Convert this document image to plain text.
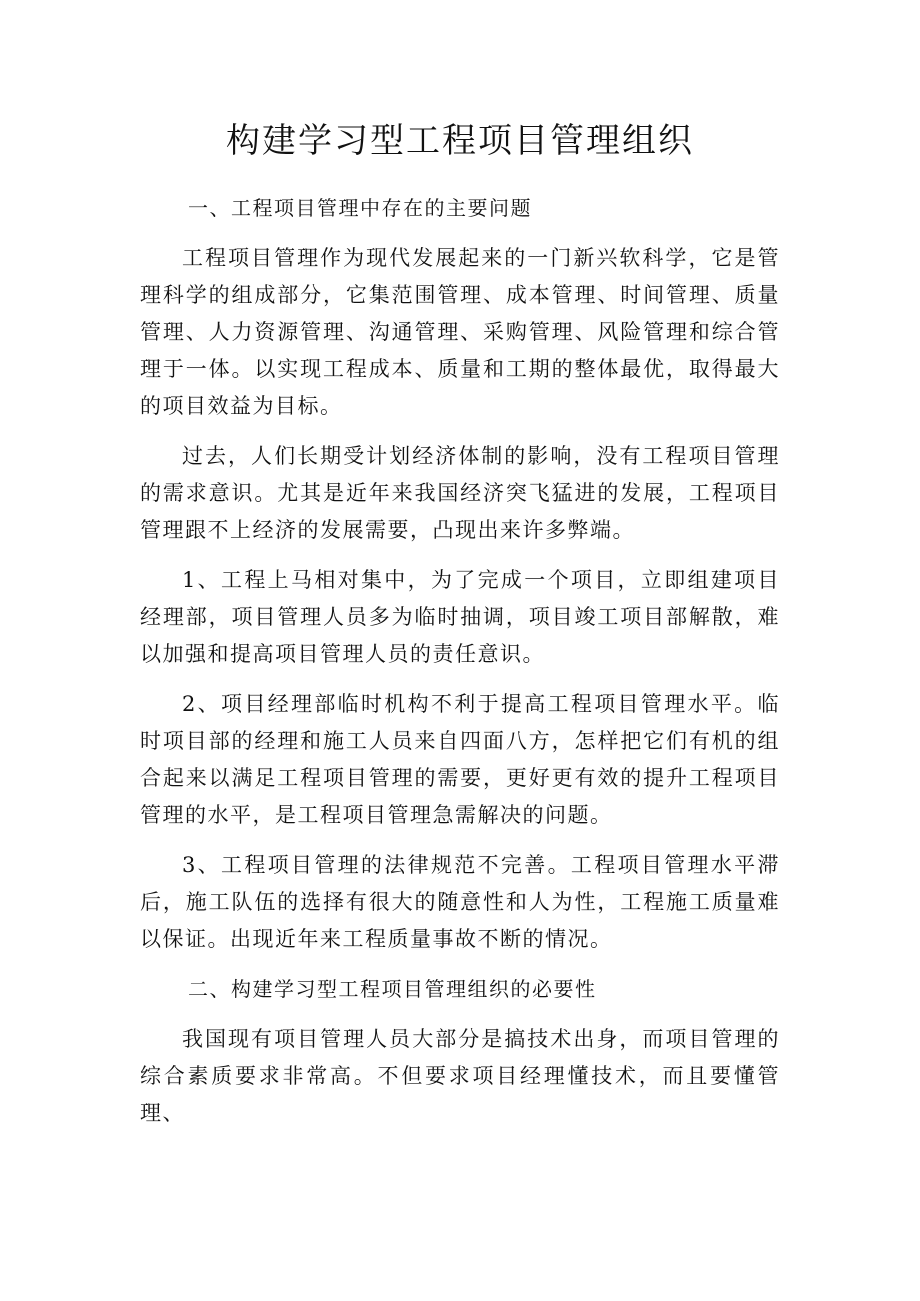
构建学习型工程项目管理组织

一、工程项目管理中存在的主要问题

工程项目管理作为现代发展起来的一门新兴软科学，它是管理科学的组成部分，它集范围管理、成本管理、时间管理、质量管理、人力资源管理、沟通管理、采购管理、风险管理和综合管理于一体。以实现工程成本、质量和工期的整体最优，取得最大的项目效益为目标。

过去，人们长期受计划经济体制的影响，没有工程项目管理的需求意识。尤其是近年来我国经济突飞猛进的发展，工程项目管理跟不上经济的发展需要，凸现出来许多弊端。

1、工程上马相对集中，为了完成一个项目，立即组建项目经理部，项目管理人员多为临时抽调，项目竣工项目部解散，难以加强和提高项目管理人员的责任意识。

2、项目经理部临时机构不利于提高工程项目管理水平。临时项目部的经理和施工人员来自四面八方，怎样把它们有机的组合起来以满足工程项目管理的需要，更好更有效的提升工程项目管理的水平，是工程项目管理急需解决的问题。

3、工程项目管理的法律规范不完善。工程项目管理水平滞后，施工队伍的选择有很大的随意性和人为性，工程施工质量难以保证。出现近年来工程质量事故不断的情况。

二、构建学习型工程项目管理组织的必要性

我国现有项目管理人员大部分是搞技术出身，而项目管理的综合素质要求非常高。不但要求项目经理懂技术，而且要懂管理、
